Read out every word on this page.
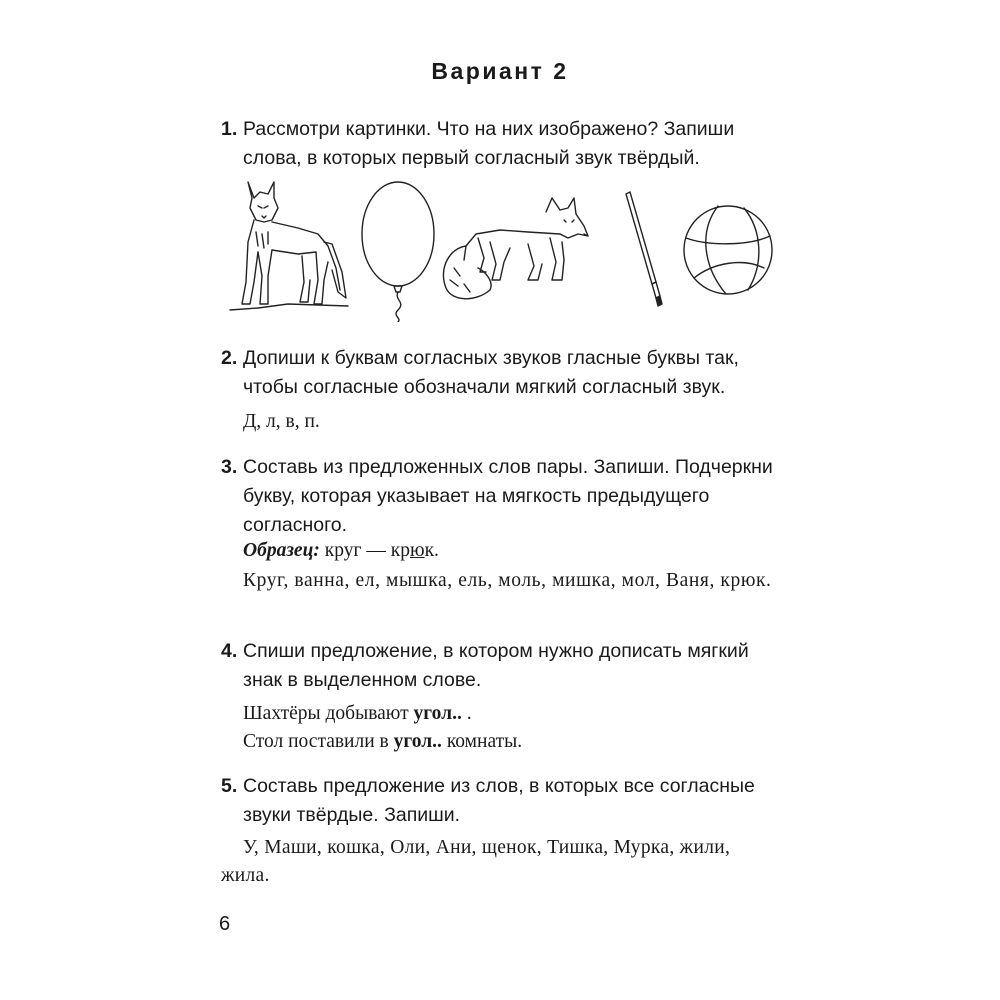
Вариант 2
1. Рассмотри картинки. Что на них изображено? Запиши слова, в которых первый согласный звук твёрдый.
2. Допиши к буквам согласных звуков гласные буквы так, чтобы согласные обозначали мягкий согласный звук.
Д, л, в, п.
3. Составь из предложенных слов пары. Запиши. Подчеркни букву, которая указывает на мягкость предыдущего согласного.
Образец: круг — крюк.
Круг, ванна, ел, мышка, ель, моль, мишка, мол, Ваня, крюк.
4. Спиши предложение, в котором нужно дописать мягкий знак в выделенном слове.
Шахтёры добывают угол.. .
Стол поставили в угол.. комнаты.
5. Составь предложение из слов, в которых все согласные звуки твёрдые. Запиши.
У, Маши, кошка, Оли, Ани, щенок, Тишка, Мурка, жили, жила.
6
